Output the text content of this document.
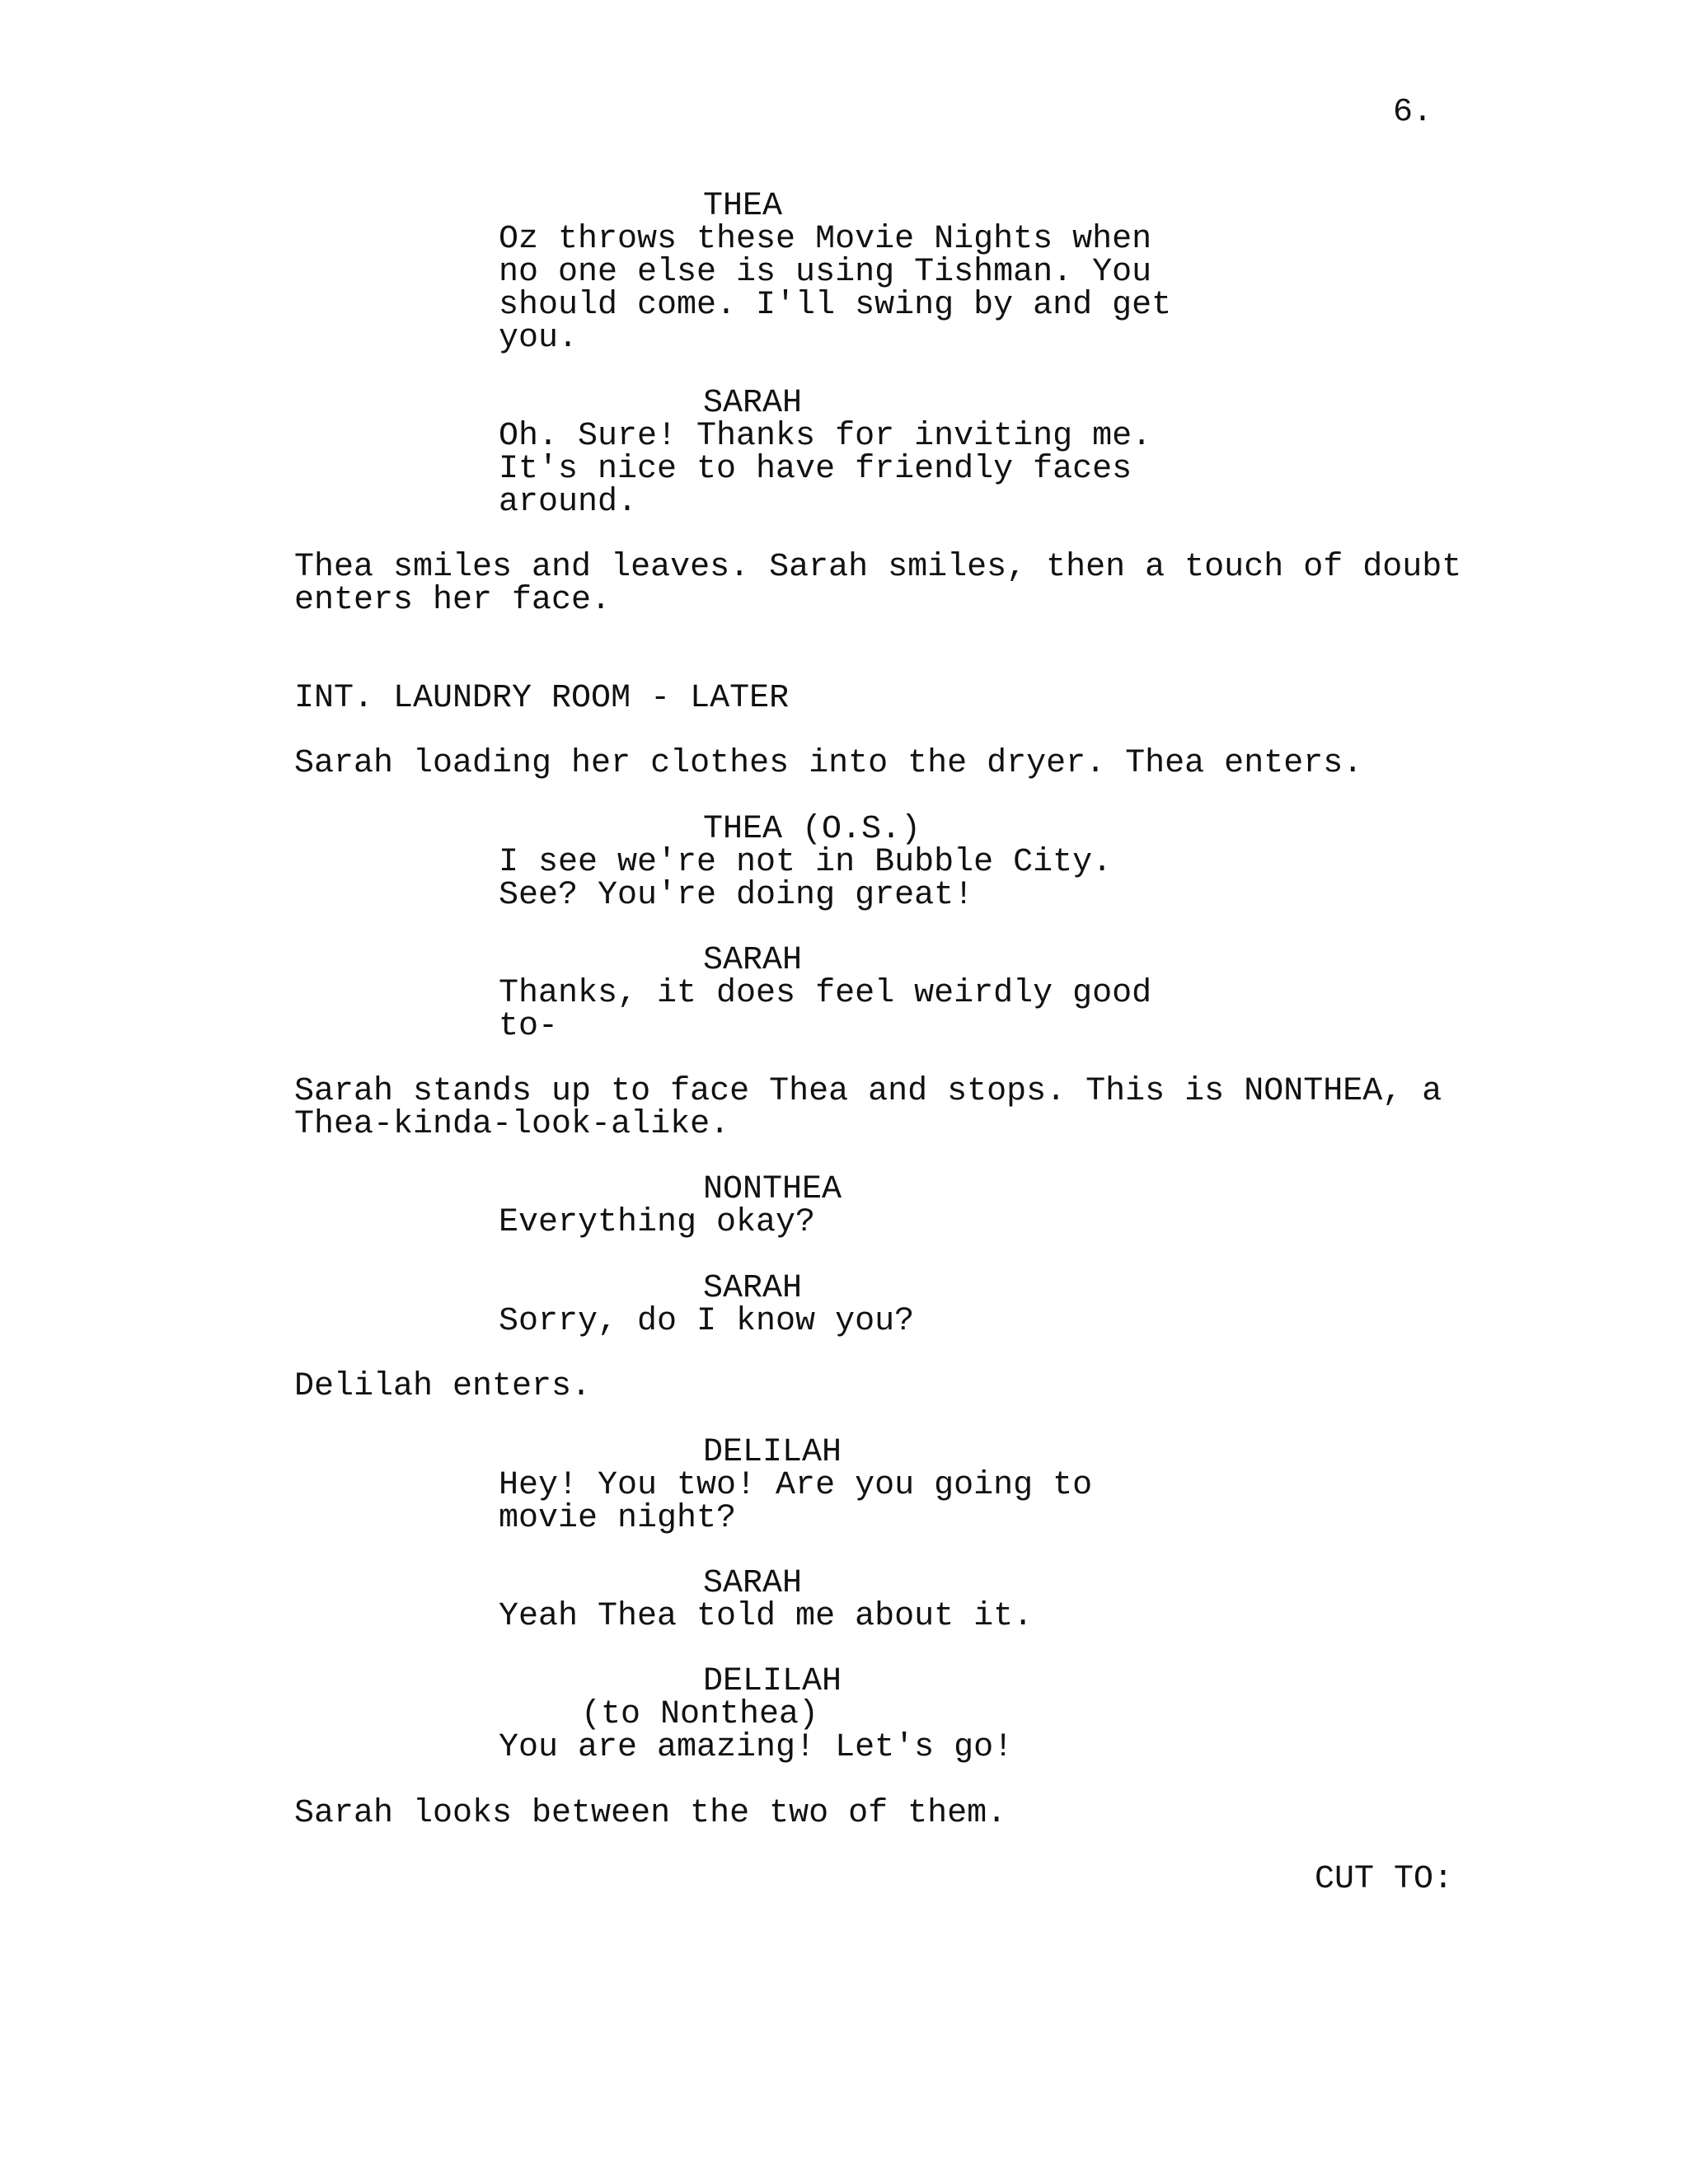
6.
THEA
Oz throws these Movie Nights when
no one else is using Tishman. You
should come. I'll swing by and get
you.
SARAH
Oh. Sure! Thanks for inviting me.
It's nice to have friendly faces
around.
Thea smiles and leaves. Sarah smiles, then a touch of doubt
enters her face.
INT. LAUNDRY ROOM - LATER
Sarah loading her clothes into the dryer. Thea enters.
THEA (O.S.)
I see we're not in Bubble City.
See? You're doing great!
SARAH
Thanks, it does feel weirdly good
to-
Sarah stands up to face Thea and stops. This is NONTHEA, a
Thea-kinda-look-alike.
NONTHEA
Everything okay?
SARAH
Sorry, do I know you?
Delilah enters.
DELILAH
Hey! You two! Are you going to
movie night?
SARAH
Yeah Thea told me about it.
DELILAH
(to Nonthea)
You are amazing! Let's go!
Sarah looks between the two of them.
CUT TO:
